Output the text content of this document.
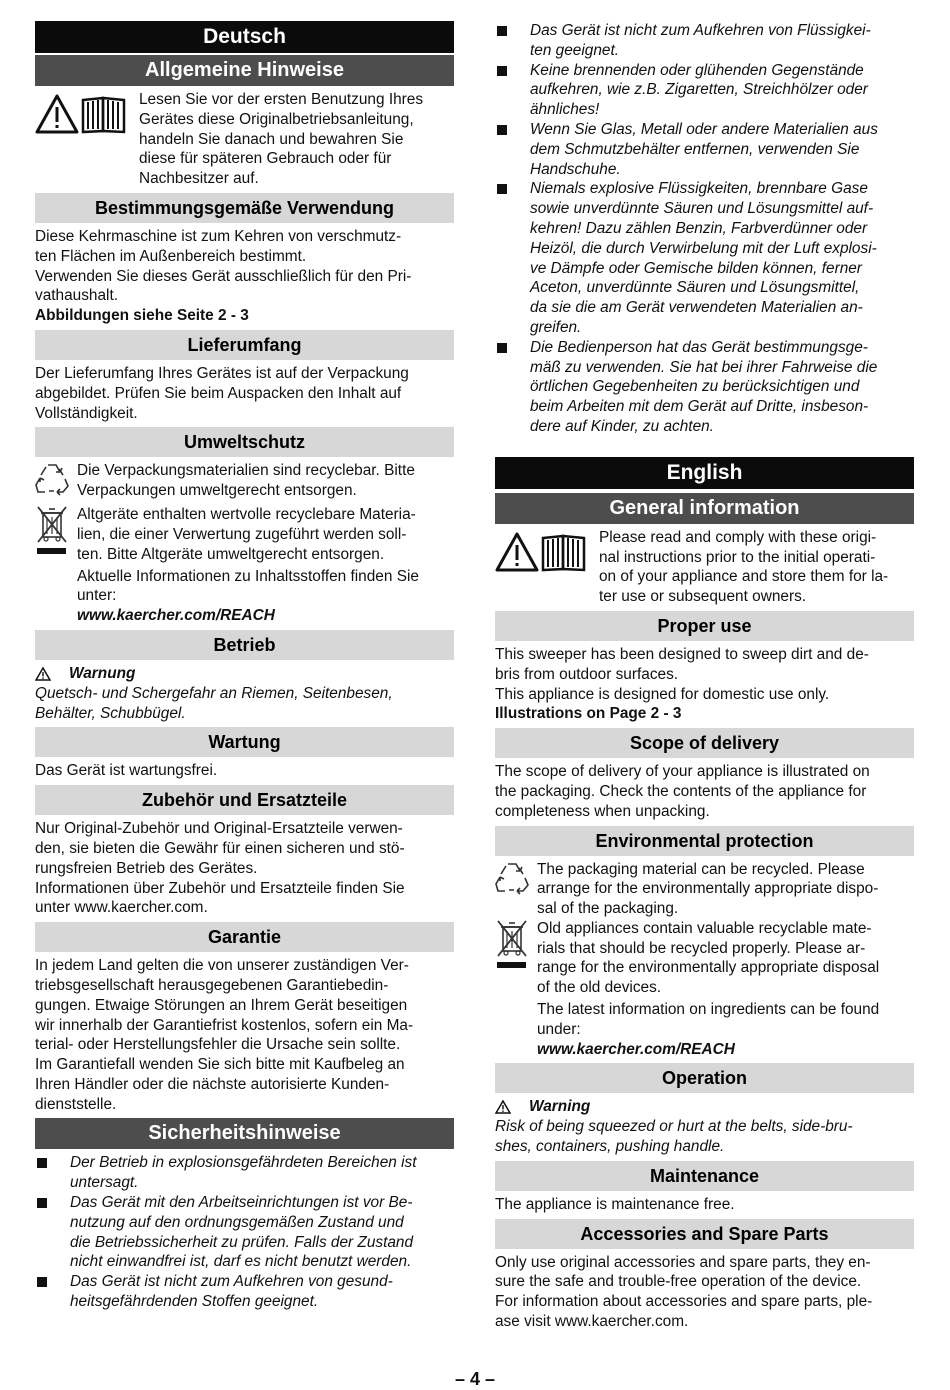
Deutsch
Allgemeine Hinweise

Lesen Sie vor der ersten Benutzung Ihres

Gerätes diese Originalbetriebsanleitung,

handeln Sie danach und bewahren Sie

diese für späteren Gebrauch oder für

Nachbesitzer auf.

Bestimmungsgemäße Verwendung

Diese Kehrmaschine ist zum Kehren von verschmutz-

ten Flächen im Außenbereich bestimmt.

Verwenden Sie dieses Gerät ausschließlich für den Pri-

vathaushalt.

Abbildungen siehe Seite 2 - 3

Lieferumfang

Der Lieferumfang Ihres Gerätes ist auf der Verpackung

abgebildet. Prüfen Sie beim Auspacken den Inhalt auf

Vollständigkeit.

Umweltschutz

Die Verpackungsmaterialien sind recyclebar. Bitte

Verpackungen umweltgerecht entsorgen.

Altgeräte enthalten wertvolle recyclebare Materia-

lien, die einer Verwertung zugeführt werden soll-

ten. Bitte Altgeräte umweltgerecht entsorgen.

Aktuelle Informationen zu Inhaltsstoffen finden Sie

unter:

www.kaercher.com/REACH

Betrieb
Warnung

Quetsch- und Schergefahr an Riemen, Seitenbesen,

Behälter, Schubbügel.

Wartung

Das Gerät ist wartungsfrei.

Zubehör und Ersatzteile

Nur Original-Zubehör und Original-Ersatzteile verwen-

den, sie bieten die Gewähr für einen sicheren und stö-

rungsfreien Betrieb des Gerätes.

Informationen über Zubehör und Ersatzteile finden Sie

unter www.kaercher.com.

Garantie

In jedem Land gelten die von unserer zuständigen Ver-

triebsgesellschaft herausgegebenen Garantiebedin-

gungen. Etwaige Störungen an Ihrem Gerät beseitigen

wir innerhalb der Garantiefrist kostenlos, sofern ein Ma-

terial- oder Herstellungsfehler die Ursache sein sollte.

Im Garantiefall wenden Sie sich bitte mit Kaufbeleg an

Ihren Händler oder die nächste autorisierte Kunden-

dienststelle.

Sicherheitshinweise

Der Betrieb in explosionsgefährdeten Bereichen ist

untersagt.

Das Gerät mit den Arbeitseinrichtungen ist vor Be-

nutzung auf den ordnungsgemäßen Zustand und

die Betriebssicherheit zu prüfen. Falls der Zustand

nicht einwandfrei ist, darf es nicht benutzt werden.

Das Gerät ist nicht zum Aufkehren von gesund-

heitsgefährdenden Stoffen geeignet.

Das Gerät ist nicht zum Aufkehren von Flüssigkei-

ten geeignet.

Keine brennenden oder glühenden Gegenstände

aufkehren, wie z.B. Zigaretten, Streichhölzer oder

ähnliches!

Wenn Sie Glas, Metall oder andere Materialien aus

dem Schmutzbehälter entfernen, verwenden Sie

Handschuhe.

Niemals explosive Flüssigkeiten, brennbare Gase

sowie unverdünnte Säuren und Lösungsmittel auf-

kehren! Dazu zählen Benzin, Farbverdünner oder

Heizöl, die durch Verwirbelung mit der Luft explosi-

ve Dämpfe oder Gemische bilden können, ferner

Aceton, unverdünnte Säuren und Lösungsmittel,

da sie die am Gerät verwendeten Materialien an-

greifen.

Die Bedienperson hat das Gerät bestimmungsge-

mäß zu verwenden. Sie hat bei ihrer Fahrweise die

örtlichen Gegebenheiten zu berücksichtigen und

beim Arbeiten mit dem Gerät auf Dritte, insbeson-

dere auf Kinder, zu achten.

English
General information

Please read and comply with these origi-

nal instructions prior to the initial operati-

on of your appliance and store them for la-

ter use or subsequent owners.

Proper use

This sweeper has been designed to sweep dirt and de-

bris from outdoor surfaces.

This appliance is designed for domestic use only.

Illustrations on Page 2 - 3

Scope of delivery

The scope of delivery of your appliance is illustrated on

the packaging. Check the contents of the appliance for

completeness when unpacking.

Environmental protection

The packaging material can be recycled. Please

arrange for the environmentally appropriate dispo-

sal of the packaging.

Old appliances contain valuable recyclable mate-

rials that should be recycled properly. Please ar-

range for the environmentally appropriate disposal

of the old devices.

The latest information on ingredients can be found

under:

www.kaercher.com/REACH

Operation
Warning

Risk of being squeezed or hurt at the belts, side-bru-

shes, containers, pushing handle.

Maintenance

The appliance is maintenance free.

Accessories and Spare Parts

Only use original accessories and spare parts, they en-

sure the safe and trouble-free operation of the device.

For information about accessories and spare parts, ple-

ase visit www.kaercher.com.

– 4 –
